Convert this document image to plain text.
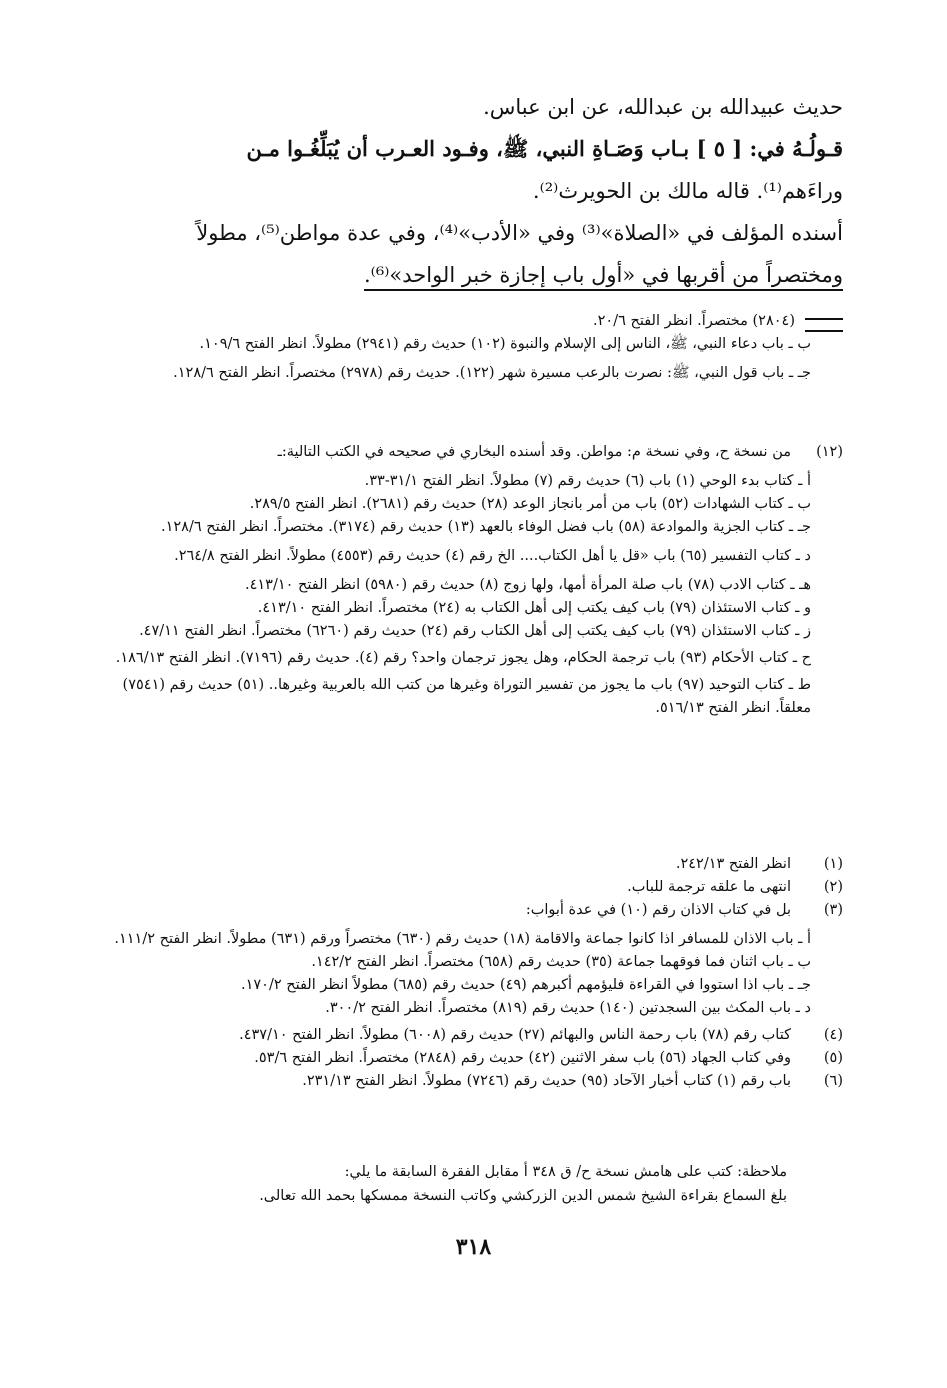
حديث عبيدالله بن عبدالله، عن ابن عباس.

قـولُـهُ في: [ ٥ ] بـاب وَصَـاةِ النبي، ﷺ، وفـود العـرب أن يُبَلِّغُـوا مـن

وراءَهم⁽¹⁾. قاله مالك بن الحويرث⁽²⁾.

أسنده المؤلف في «الصلاة»⁽³⁾ وفي «الأدب»⁽⁴⁾، وفي عدة مواطن⁽⁵⁾، مطولاً

ومختصراً من أقربها في «أول باب إجازة خبر الواحد»⁽⁶⁾.

(٢٨٠٤) مختصراً. انظر الفتح ٢٠/٦.
ب ـ باب دعاء النبي، ﷺ، الناس إلى الإسلام والنبوة (١٠٢) حديث رقم (٢٩٤١) مطولاً. انظر الفتح ١٠٩/٦.
جـ ـ باب قول النبي، ﷺ: نصرت بالرعب مسيرة شهر (١٢٢). حديث رقم (٢٩٧٨) مختصراً. انظر الفتح ١٢٨/٦.
(١٢)
من نسخة ح، وفي نسخة م: مواطن. وقد أسنده البخاري في صحيحه في الكتب التالية:ـ
أ ـ كتاب بدء الوحي (١) باب (٦) حديث رقم (٧) مطولاً. انظر الفتح ٣١/١-٣٣.
ب ـ كتاب الشهادات (٥٢) باب من أمر بانجاز الوعد (٢٨) حديث رقم (٢٦٨١). انظر الفتح ٢٨٩/٥.
جـ ـ كتاب الجزية والموادعة (٥٨) باب فضل الوفاء بالعهد (١٣) حديث رقم (٣١٧٤). مختصراً. انظر الفتح ١٢٨/٦.
د ـ كتاب التفسير (٦٥) باب «قل يا أهل الكتاب.... الخ رقم (٤) حديث رقم (٤٥٥٣) مطولاً. انظر الفتح ٢٦٤/٨.
هـ ـ كتاب الادب (٧٨) باب صلة المرأة أمها، ولها زوج (٨) حديث رقم (٥٩٨٠) انظر الفتح ٤١٣/١٠.
و ـ كتاب الاستئذان (٧٩) باب كيف يكتب إلى أهل الكتاب به (٢٤) مختصراً. انظر الفتح ٤١٣/١٠.
ز ـ كتاب الاستئذان (٧٩) باب كيف يكتب إلى أهل الكتاب رقم (٢٤) حديث رقم (٦٢٦٠) مختصراً. انظر الفتح ٤٧/١١.
ح ـ كتاب الأحكام (٩٣) باب ترجمة الحكام، وهل يجوز ترجمان واحد؟ رقم (٤). حديث رقم (٧١٩٦). انظر الفتح ١٨٦/١٣.
ط ـ كتاب التوحيد (٩٧) باب ما يجوز من تفسير التوراة وغيرها من كتب الله بالعربية وغيرها.. (٥١) حديث رقم (٧٥٤١) معلقاً. انظر الفتح ٥١٦/١٣.
(١)
انظر الفتح ٢٤٢/١٣.
(٢)
انتهى ما علقه ترجمة للباب.
(٣)
بل في كتاب الاذان رقم (١٠) في عدة أبواب:
أ ـ باب الاذان للمسافر اذا كانوا جماعة والاقامة (١٨) حديث رقم (٦٣٠) مختصراً ورقم (٦٣١) مطولاً. انظر الفتح ١١١/٢.
ب ـ باب اثنان فما فوقهما جماعة (٣٥) حديث رقم (٦٥٨) مختصراً. انظر الفتح ١٤٢/٢.
جـ ـ باب اذا استووا في القراءة فليؤمهم أكبرهم (٤٩) حديث رقم (٦٨٥) مطولاً انظر الفتح ١٧٠/٢.
د ـ باب المكث بين السجدتين (١٤٠) حديث رقم (٨١٩) مختصراً. انظر الفتح ٣٠٠/٢.
(٤)
كتاب رقم (٧٨) باب رحمة الناس والبهائم (٢٧) حديث رقم (٦٠٠٨) مطولاً. انظر الفتح ٤٣٧/١٠.
(٥)
وفي كتاب الجهاد (٥٦) باب سفر الاثنين (٤٢) حديث رقم (٢٨٤٨) مختصراً. انظر الفتح ٥٣/٦.
(٦)
باب رقم (١) كتاب أخبار الآحاد (٩٥) حديث رقم (٧٢٤٦) مطولاً. انظر الفتح ٢٣١/١٣.
ملاحظة: كتب على هامش نسخة ح/ ق ٣٤٨ أ مقابل الفقرة السابقة ما يلي:
بلغ السماع بقراءة الشيخ شمس الدين الزركشي وكاتب النسخة ممسكها بحمد الله تعالى.
٣١٨
